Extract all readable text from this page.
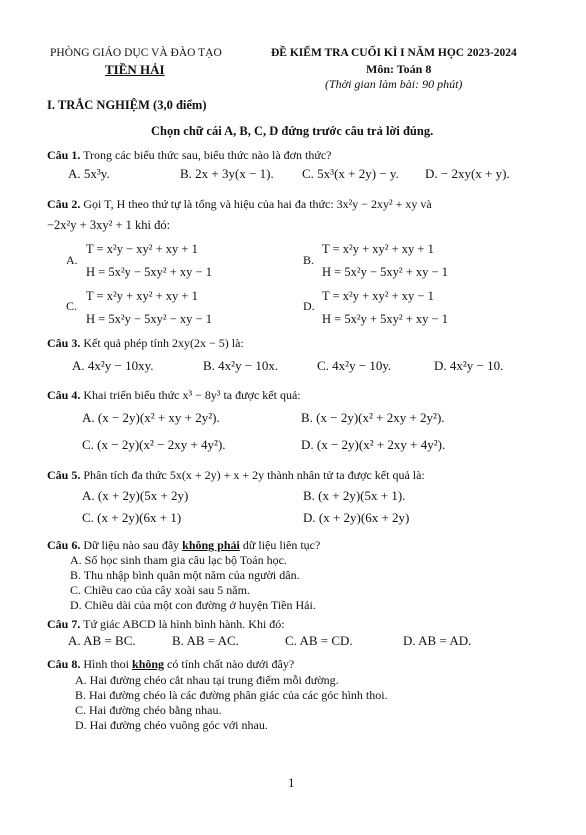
PHÒNG GIÁO DỤC VÀ ĐÀO TẠO
TIỀN HẢI
ĐỀ KIỂM TRA CUỐI KÌ I NĂM HỌC 2023-2024
Môn: Toán 8
(Thời gian làm bài: 90 phút)
I. TRẮC NGHIỆM (3,0 điểm)
Chọn chữ cái A, B, C, D đứng trước câu trả lời đúng.
Câu 1. Trong các biểu thức sau, biểu thức nào là đơn thức?
A. 5x³y.	B. 2x + 3y(x − 1). C. 5x³(x + 2y) − y. D. − 2xy(x + y).
Câu 2. Gọi T, H theo thứ tự là tổng và hiệu của hai đa thức: 3x²y − 2xy² + xy và
−2x²y + 3xy² + 1 khi đó:
A.
T = x²y − xy² + xy + 1
H = 5x²y − 5xy² + xy − 1
B.
T = x²y + xy² + xy + 1
H = 5x²y − 5xy² + xy − 1
C.
T = x²y + xy² + xy + 1
H = 5x²y − 5xy² − xy − 1
D.
T = x²y + xy² + xy − 1
H = 5x²y + 5xy² + xy − 1
Câu 3. Kết quả phép tính 2xy(2x − 5) là:
A. 4x²y − 10xy.	B. 4x²y − 10x.	C. 4x²y − 10y.	D. 4x²y − 10.
Câu 4. Khai triển biểu thức x³ − 8y³ ta được kết quả:
A. (x − 2y)(x² + xy + 2y²).	B. (x − 2y)(x² + 2xy + 2y²).
C. (x − 2y)(x² − 2xy + 4y²).	D. (x − 2y)(x² + 2xy + 4y²).
Câu 5. Phân tích đa thức 5x(x + 2y) + x + 2y thành nhân tử ta được kết quả là:
A. (x + 2y)(5x + 2y)	B. (x + 2y)(5x + 1).
C. (x + 2y)(6x + 1)	D. (x + 2y)(6x + 2y)
Câu 6. Dữ liệu nào sau đây không phải dữ liệu liên tục?
A. Số học sinh tham gia câu lạc bộ Toán học.
B. Thu nhập bình quân một năm của người dân.
C. Chiều cao của cây xoài sau 5 năm.
D. Chiều dài của một con đường ở huyện Tiền Hải.
Câu 7. Tứ giác ABCD là hình bình hành. Khi đó:
A. AB = BC.	B. AB = AC.	C. AB = CD.	D. AB = AD.
Câu 8. Hình thoi không có tính chất nào dưới đây?
A. Hai đường chéo cắt nhau tại trung điểm mỗi đường.
B. Hai đường chéo là các đường phân giác của các góc hình thoi.
C. Hai đường chéo bằng nhau.
D. Hai đường chéo vuông góc với nhau.
1
